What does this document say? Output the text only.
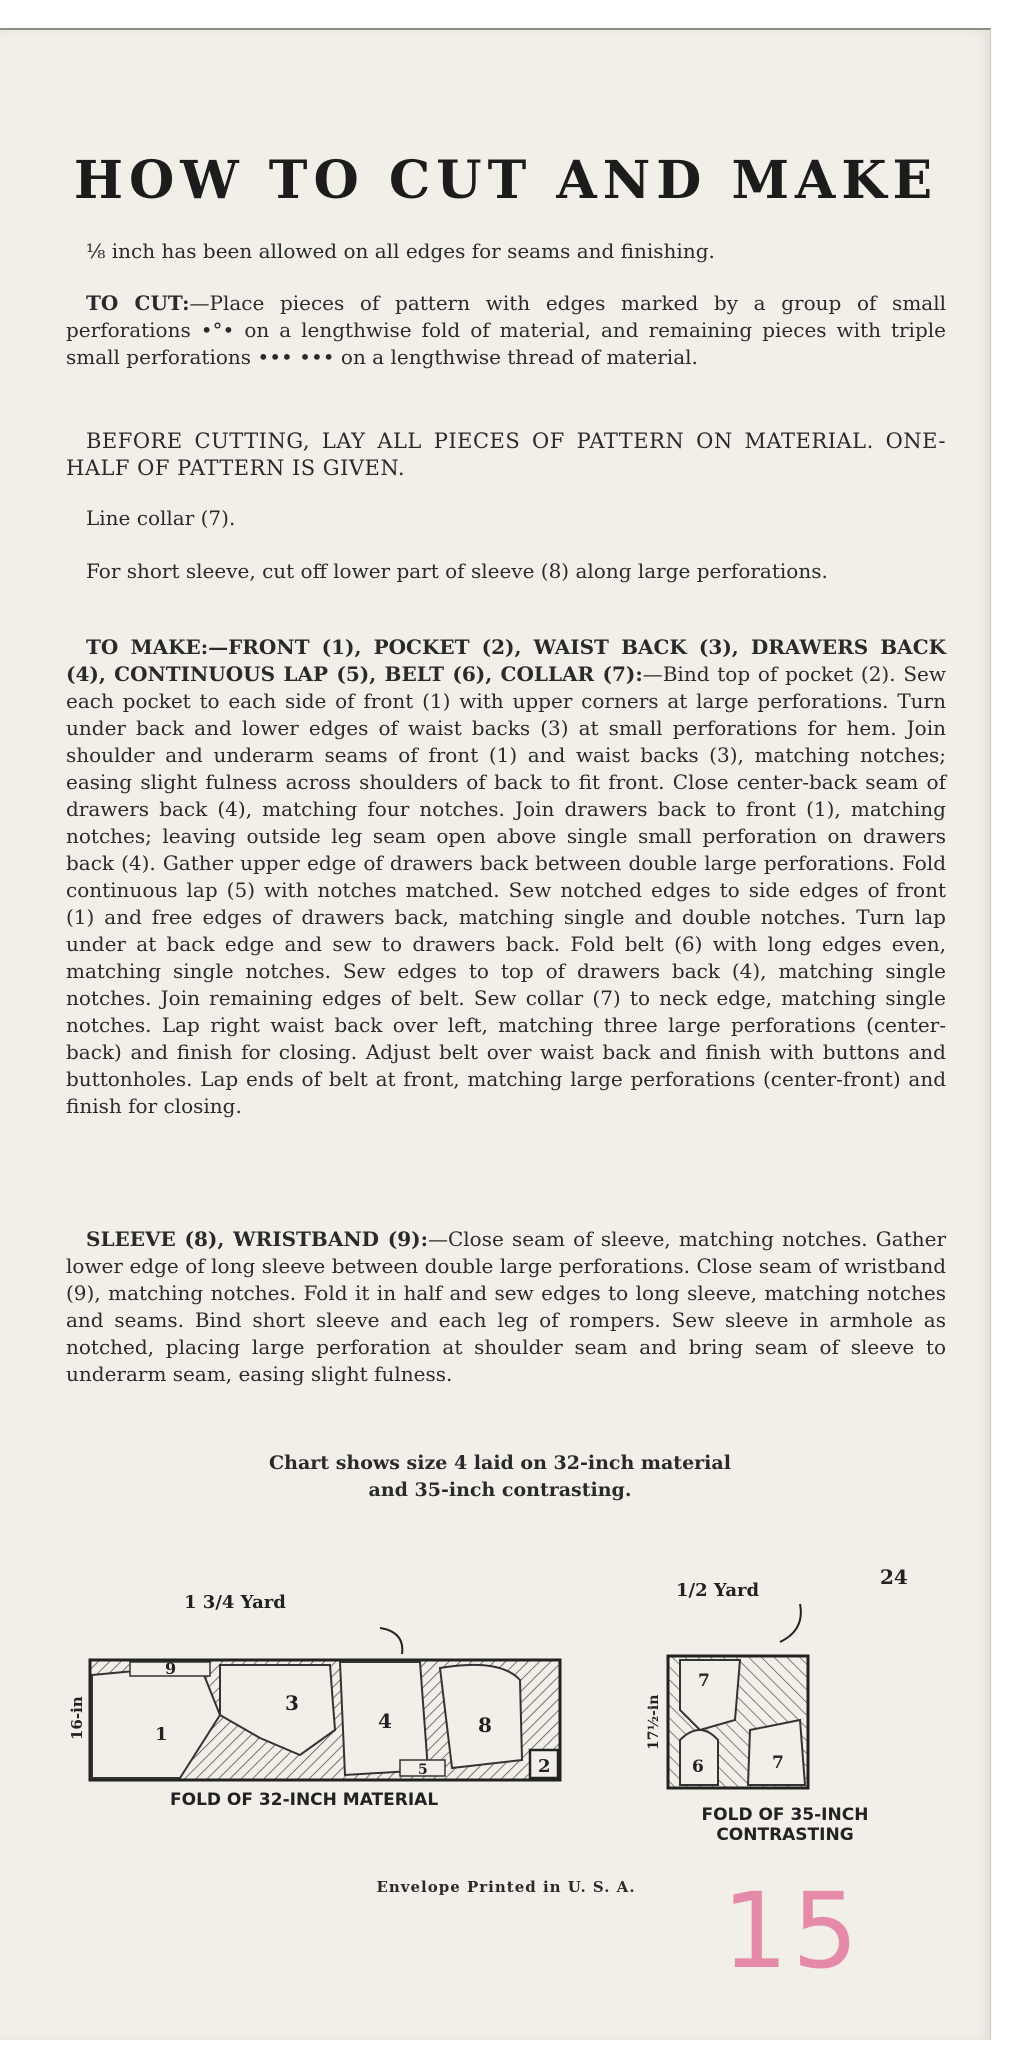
HOW TO CUT AND MAKE
⅛ inch has been allowed on all edges for seams and finishing.
TO CUT:—Place pieces of pattern with edges marked by a group of small perforations •°• on a lengthwise fold of material, and remaining pieces with triple small perforations ••• ••• on a lengthwise thread of material.
BEFORE CUTTING, LAY ALL PIECES OF PATTERN ON MATERIAL. ONE-HALF OF PATTERN IS GIVEN.
Line collar (7).
For short sleeve, cut off lower part of sleeve (8) along large perforations.
TO MAKE:—FRONT (1), POCKET (2), WAIST BACK (3), DRAWERS BACK (4), CONTINUOUS LAP (5), BELT (6), COLLAR (7):—Bind top of pocket (2). Sew each pocket to each side of front (1) with upper corners at large perforations. Turn under back and lower edges of waist backs (3) at small perforations for hem. Join shoulder and underarm seams of front (1) and waist backs (3), matching notches; easing slight fulness across shoulders of back to fit front. Close center-back seam of drawers back (4), matching four notches. Join drawers back to front (1), matching notches; leaving outside leg seam open above single small perforation on drawers back (4). Gather upper edge of drawers back between double large perforations. Fold continuous lap (5) with notches matched. Sew notched edges to side edges of front (1) and free edges of drawers back, matching single and double notches. Turn lap under at back edge and sew to drawers back. Fold belt (6) with long edges even, matching single notches. Sew edges to top of drawers back (4), matching single notches. Join remaining edges of belt. Sew collar (7) to neck edge, matching single notches. Lap right waist back over left, matching three large perforations (center-back) and finish for closing. Adjust belt over waist back and finish with buttons and buttonholes. Lap ends of belt at front, matching large perforations (center-front) and finish for closing.
SLEEVE (8), WRISTBAND (9):—Close seam of sleeve, matching notches. Gather lower edge of long sleeve between double large perforations. Close seam of wristband (9), matching notches. Fold it in half and sew edges to long sleeve, matching notches and seams. Bind short sleeve and each leg of rompers. Sew sleeve in armhole as notched, placing large perforation at shoulder seam and bring seam of sleeve to underarm seam, easing slight fulness.
Chart shows size 4 laid on 32-inch material
and 35-inch contrasting.
24
1 3/4 Yard
9
1
3
4	8
5	2
16-in
FOLD OF 32-INCH MATERIAL
1/2 Yard
7
6	7
17½-in
FOLD OF 35-INCH
CONTRASTING
Envelope Printed in U. S. A. 15
